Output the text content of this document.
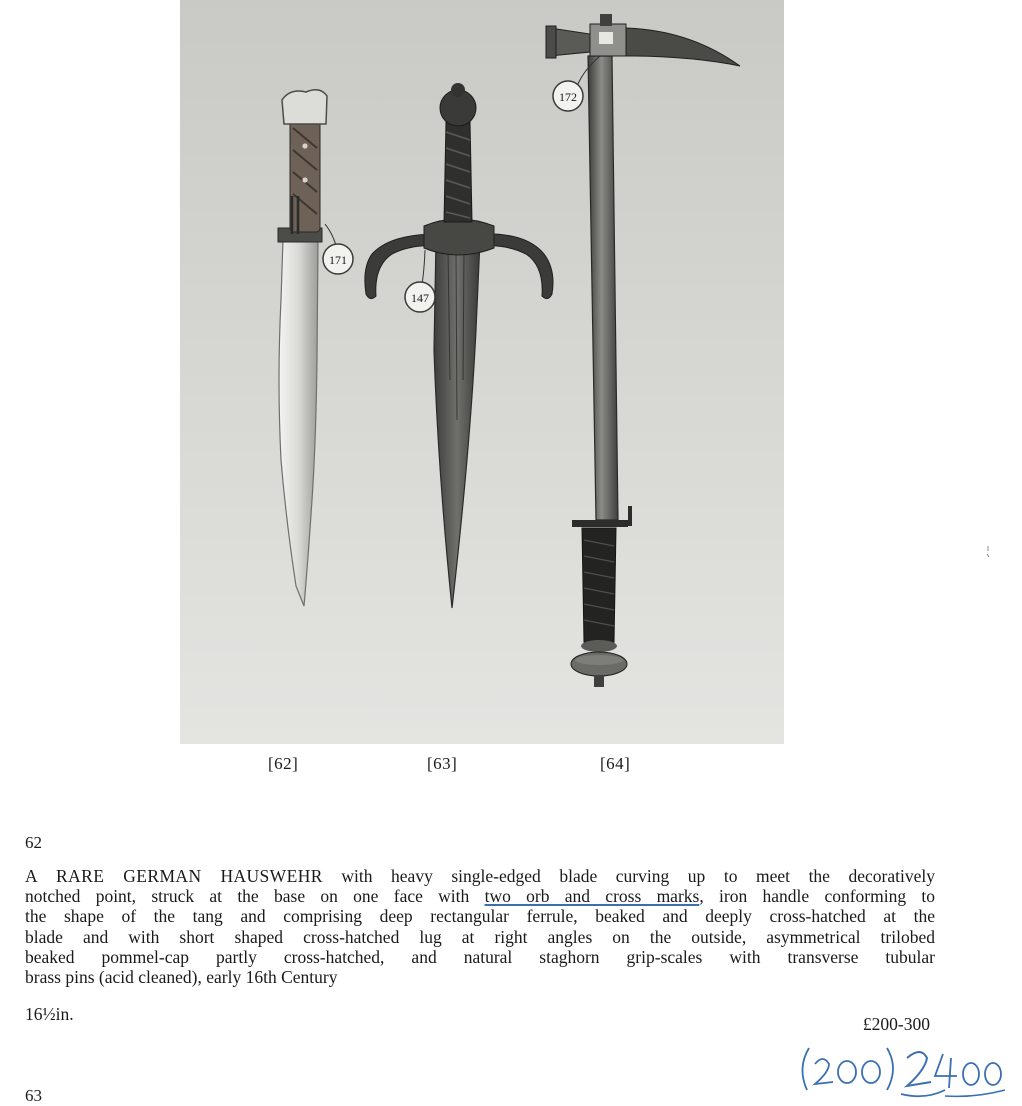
171
147
172
[62]	[63]	[64]
62
A RARE GERMAN HAUSWEHR with heavy single-edged blade curving up to meet the decoratively
notched point, struck at the base on one face with two orb and cross marks, iron handle conforming to
the shape of the tang and comprising deep rectangular ferrule, beaked and deeply cross-hatched at the
blade and with short shaped cross-hatched lug at right angles on the outside, asymmetrical trilobed
beaked pommel-cap partly cross-hatched, and natural staghorn grip-scales with transverse tubular
brass pins (acid cleaned), early 16th Century
16½in.	£200-300
63
